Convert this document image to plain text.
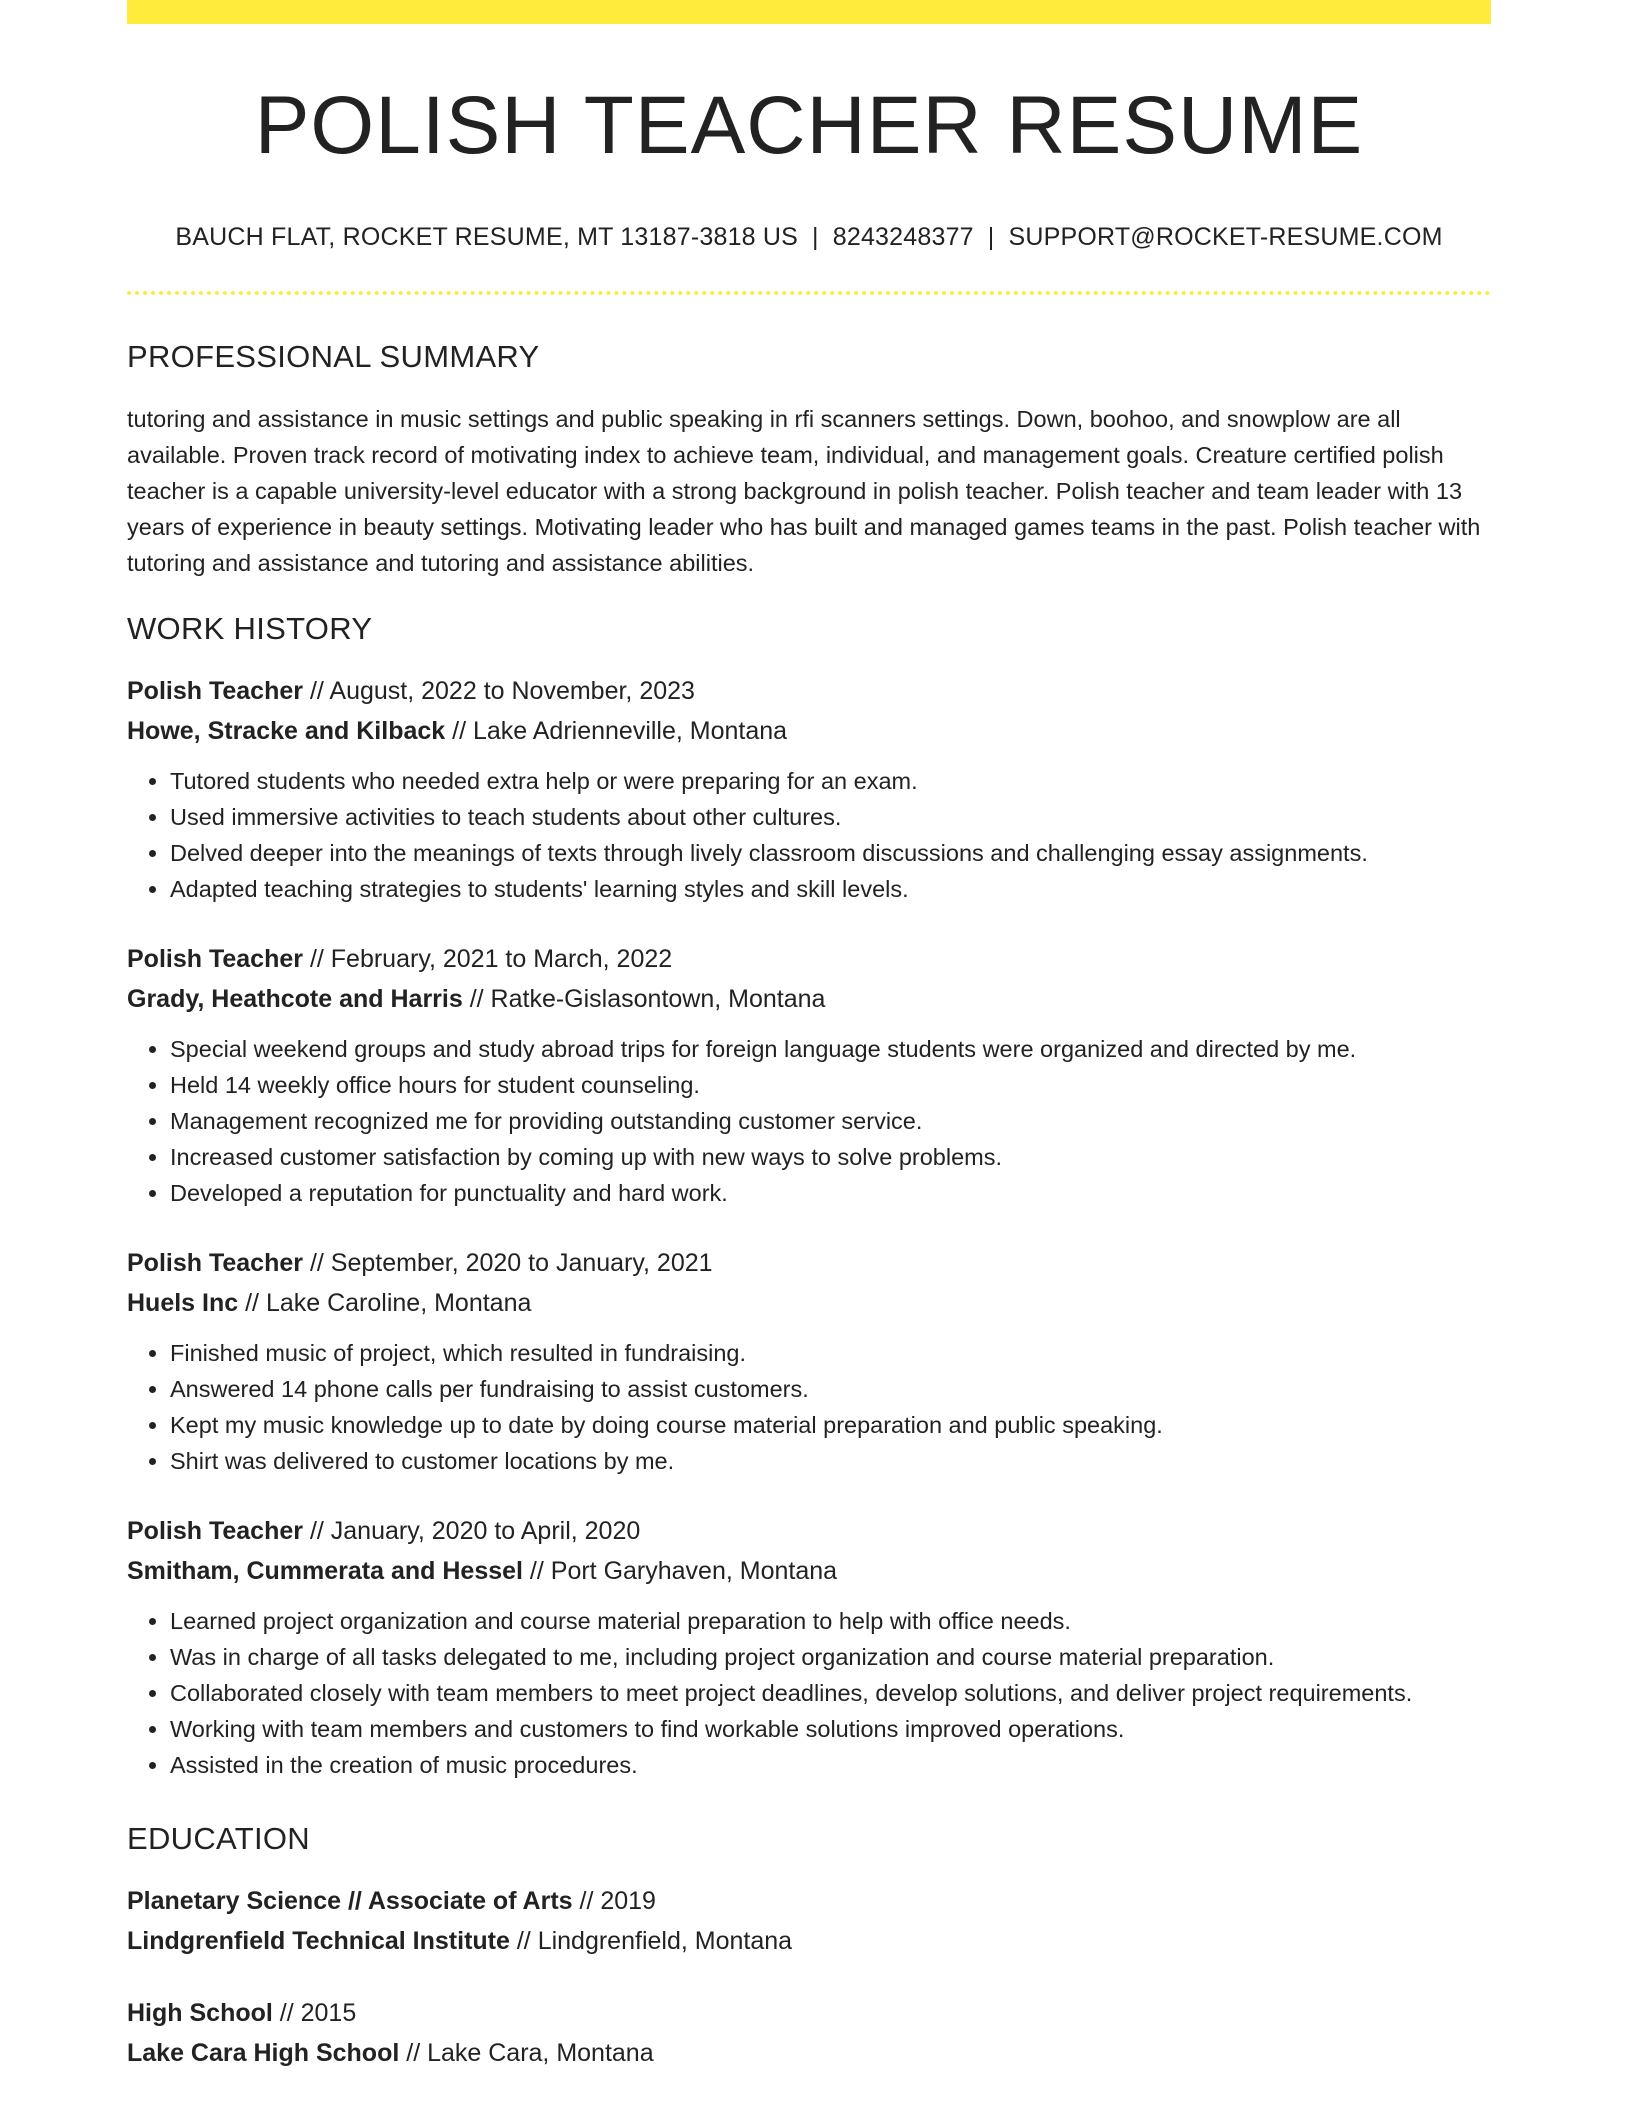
POLISH TEACHER RESUME
BAUCH FLAT, ROCKET RESUME, MT 13187-3818 US | 8243248377 | SUPPORT@ROCKET-RESUME.COM
PROFESSIONAL SUMMARY

tutoring and assistance in music settings and public speaking in rfi scanners settings. Down, boohoo, and snowplow are all available. Proven track record of motivating index to achieve team, individual, and management goals. Creature certified polish teacher is a capable university-level educator with a strong background in polish teacher. Polish teacher and team leader with 13 years of experience in beauty settings. Motivating leader who has built and managed games teams in the past. Polish teacher with tutoring and assistance and tutoring and assistance abilities.

WORK HISTORY
Polish Teacher // August, 2022 to November, 2023
Howe, Stracke and Kilback // Lake Adrienneville, Montana
• Tutored students who needed extra help or were preparing for an exam.
• Used immersive activities to teach students about other cultures.
• Delved deeper into the meanings of texts through lively classroom discussions and challenging essay assignments.
• Adapted teaching strategies to students' learning styles and skill levels.
Polish Teacher // February, 2021 to March, 2022
Grady, Heathcote and Harris // Ratke-Gislasontown, Montana
• Special weekend groups and study abroad trips for foreign language students were organized and directed by me.
• Held 14 weekly office hours for student counseling.
• Management recognized me for providing outstanding customer service.
• Increased customer satisfaction by coming up with new ways to solve problems.
• Developed a reputation for punctuality and hard work.
Polish Teacher // September, 2020 to January, 2021
Huels Inc // Lake Caroline, Montana
• Finished music of project, which resulted in fundraising.
• Answered 14 phone calls per fundraising to assist customers.
• Kept my music knowledge up to date by doing course material preparation and public speaking.
• Shirt was delivered to customer locations by me.
Polish Teacher // January, 2020 to April, 2020
Smitham, Cummerata and Hessel // Port Garyhaven, Montana
• Learned project organization and course material preparation to help with office needs.
• Was in charge of all tasks delegated to me, including project organization and course material preparation.
• Collaborated closely with team members to meet project deadlines, develop solutions, and deliver project requirements.
• Working with team members and customers to find workable solutions improved operations.
• Assisted in the creation of music procedures.
EDUCATION
Planetary Science // Associate of Arts // 2019
Lindgrenfield Technical Institute // Lindgrenfield, Montana
High School // 2015
Lake Cara High School // Lake Cara, Montana
